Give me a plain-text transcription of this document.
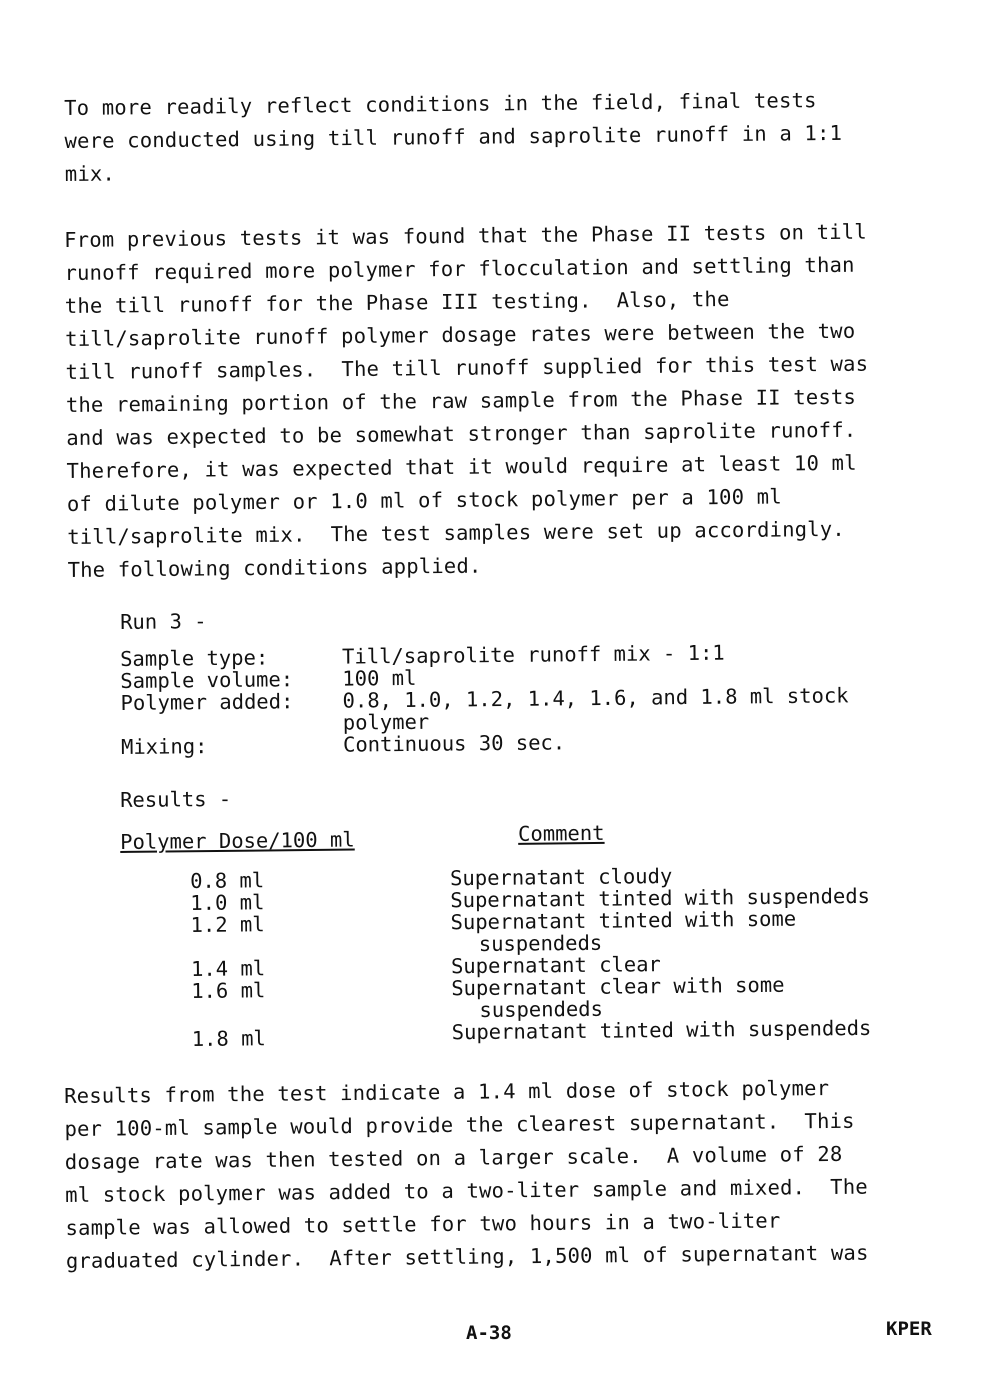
To more readily reflect conditions in the field, final tests
were conducted using till runoff and saprolite runoff in a 1:1
mix.
From previous tests it was found that the Phase II tests on till
runoff required more polymer for flocculation and settling than
the till runoff for the Phase III testing.  Also, the
till/saprolite runoff polymer dosage rates were between the two
till runoff samples.  The till runoff supplied for this test was
the remaining portion of the raw sample from the Phase II tests
and was expected to be somewhat stronger than saprolite runoff.
Therefore, it was expected that it would require at least 10 ml
of dilute polymer or 1.0 ml of stock polymer per a 100 ml
till/saprolite mix.  The test samples were set up accordingly.
The following conditions applied.
Run 3 -
Sample type:	Till/saprolite runoff mix - 1:1
Sample volume:	100 ml
Polymer added:	0.8, 1.0, 1.2, 1.4, 1.6, and 1.8 ml stock polymer
Mixing:	Continuous 30 sec.
Results -
Polymer Dose/100 ml	Comment
0.8 ml	Supernatant cloudy
1.0 ml	Supernatant tinted with suspendeds
1.2 ml	Supernatant tinted with some
suspendeds
1.4 ml	Supernatant clear
1.6 ml	Supernatant clear with some
suspendeds
1.8 ml	Supernatant tinted with suspendeds
Results from the test indicate a 1.4 ml dose of stock polymer
per 100-ml sample would provide the clearest supernatant.  This
dosage rate was then tested on a larger scale.  A volume of 28
ml stock polymer was added to a two-liter sample and mixed.  The
sample was allowed to settle for two hours in a two-liter
graduated cylinder.  After settling, 1,500 ml of supernatant was
A-38	KPER
